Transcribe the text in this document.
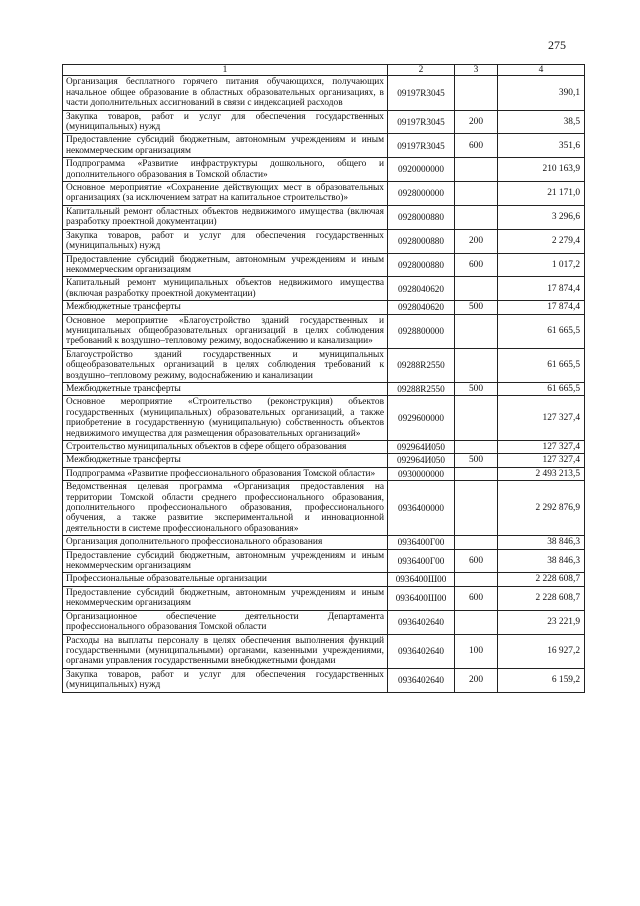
275
1	2	3	4
Организация бесплатного горячего питания обучающихся, получающих начальное общее образование в областных образовательных организациях, в части дополнительных ассигнований в связи с индексацией расходов	09197R3045		390,1
Закупка товаров, работ и услуг для обеспечения государственных (муниципальных) нужд	09197R3045	200	38,5
Предоставление субсидий бюджетным, автономным учреждениям и иным некоммерческим организациям	09197R3045	600	351,6
Подпрограмма «Развитие инфраструктуры дошкольного, общего и дополнительного образования в Томской области»	0920000000		210 163,9
Основное мероприятие «Сохранение действующих мест в образовательных организациях (за исключением затрат на капитальное строительство)»	0928000000		21 171,0
Капитальный ремонт областных объектов недвижимого имущества (включая разработку проектной документации)	0928000880		3 296,6
Закупка товаров, работ и услуг для обеспечения государственных (муниципальных) нужд	0928000880	200	2 279,4
Предоставление субсидий бюджетным, автономным учреждениям и иным некоммерческим организациям	0928000880	600	1 017,2
Капитальный ремонт муниципальных объектов недвижимого имущества (включая разработку проектной документации)	0928040620		17 874,4
Межбюджетные трансферты	0928040620	500	17 874,4
Основное мероприятие «Благоустройство зданий государственных и муниципальных общеобразовательных организаций в целях соблюдения требований к воздушно–тепловому режиму, водоснабжению и канализации»	0928800000		61 665,5
Благоустройство зданий государственных и муниципальных общеобразовательных организаций в целях соблюдения требований к воздушно–тепловому режиму, водоснабжению и канализации	09288R2550		61 665,5
Межбюджетные трансферты	09288R2550	500	61 665,5
Основное мероприятие «Строительство (реконструкция) объектов государственных (муниципальных) образовательных организаций, а также приобретение в государственную (муниципальную) собственность объектов недвижимого имущества для размещения образовательных организаций»	0929600000		127 327,4
Строительство муниципальных объектов в сфере общего образования	092964И050		127 327,4
Межбюджетные трансферты	092964И050	500	127 327,4
Подпрограмма «Развитие профессионального образования Томской области»	0930000000		2 493 213,5
Ведомственная целевая программа «Организация предоставления на территории Томской области среднего профессионального образования, дополнительного профессионального образования, профессионального обучения, а также развитие экспериментальной и инновационной деятельности в системе профессионального образования»	0936400000		2 292 876,9
Организация дополнительного профессионального образования	0936400Г00		38 846,3
Предоставление субсидий бюджетным, автономным учреждениям и иным некоммерческим организациям	0936400Г00	600	38 846,3
Профессиональные образовательные организации	0936400Ш00		2 228 608,7
Предоставление субсидий бюджетным, автономным учреждениям и иным некоммерческим организациям	0936400Ш00	600	2 228 608,7
Организационное обеспечение деятельности Департамента профессионального образования Томской области	0936402640		23 221,9
Расходы на выплаты персоналу в целях обеспечения выполнения функций государственными (муниципальными) органами, казенными учреждениями, органами управления государственными внебюджетными фондами	0936402640	100	16 927,2
Закупка товаров, работ и услуг для обеспечения государственных (муниципальных) нужд	0936402640	200	6 159,2
